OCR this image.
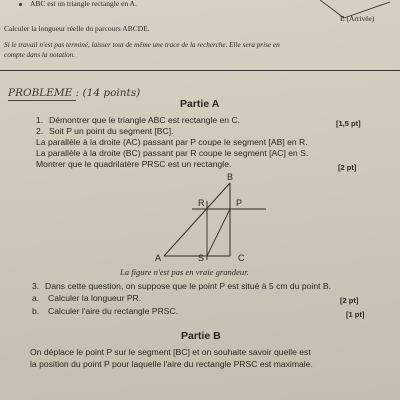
ABC est un triangle rectangle en A.
E (Arrivée)
Calculer la longueur réelle du parcours ABCDE.
Si le travail n'est pas terminé, laisser tout de même une trace de la recherche. Elle sera prise en
compte dans la notation.
PROBLEME : (14 points)
Partie A
1. Démontrer que le triangle ABC est rectangle en C.	[1,5 pt]
2. Soit P un point du segment [BC].
La parallèle à la droite (AC) passant par P coupe le segment [AB] en R.
La parallèle à la droite (BC) passant par R coupe le segment [AC] en S.
Montrer que le quadrilatère PRSC est un rectangle.	[2 pt]
B
R	P
A	S	C
La figure n'est pas en vraie grandeur.
3. Dans cette question, on suppose que le point P est situé à 5 cm du point B.
a. Calculer la longueur PR.	[2 pt]
b. Calculer l'aire du rectangle PRSC.	[1 pt]
Partie B
On déplace le point P sur le segment [BC] et on souhaite savoir quelle est
la position du point P pour laquelle l'aire du rectangle PRSC est maximale.
